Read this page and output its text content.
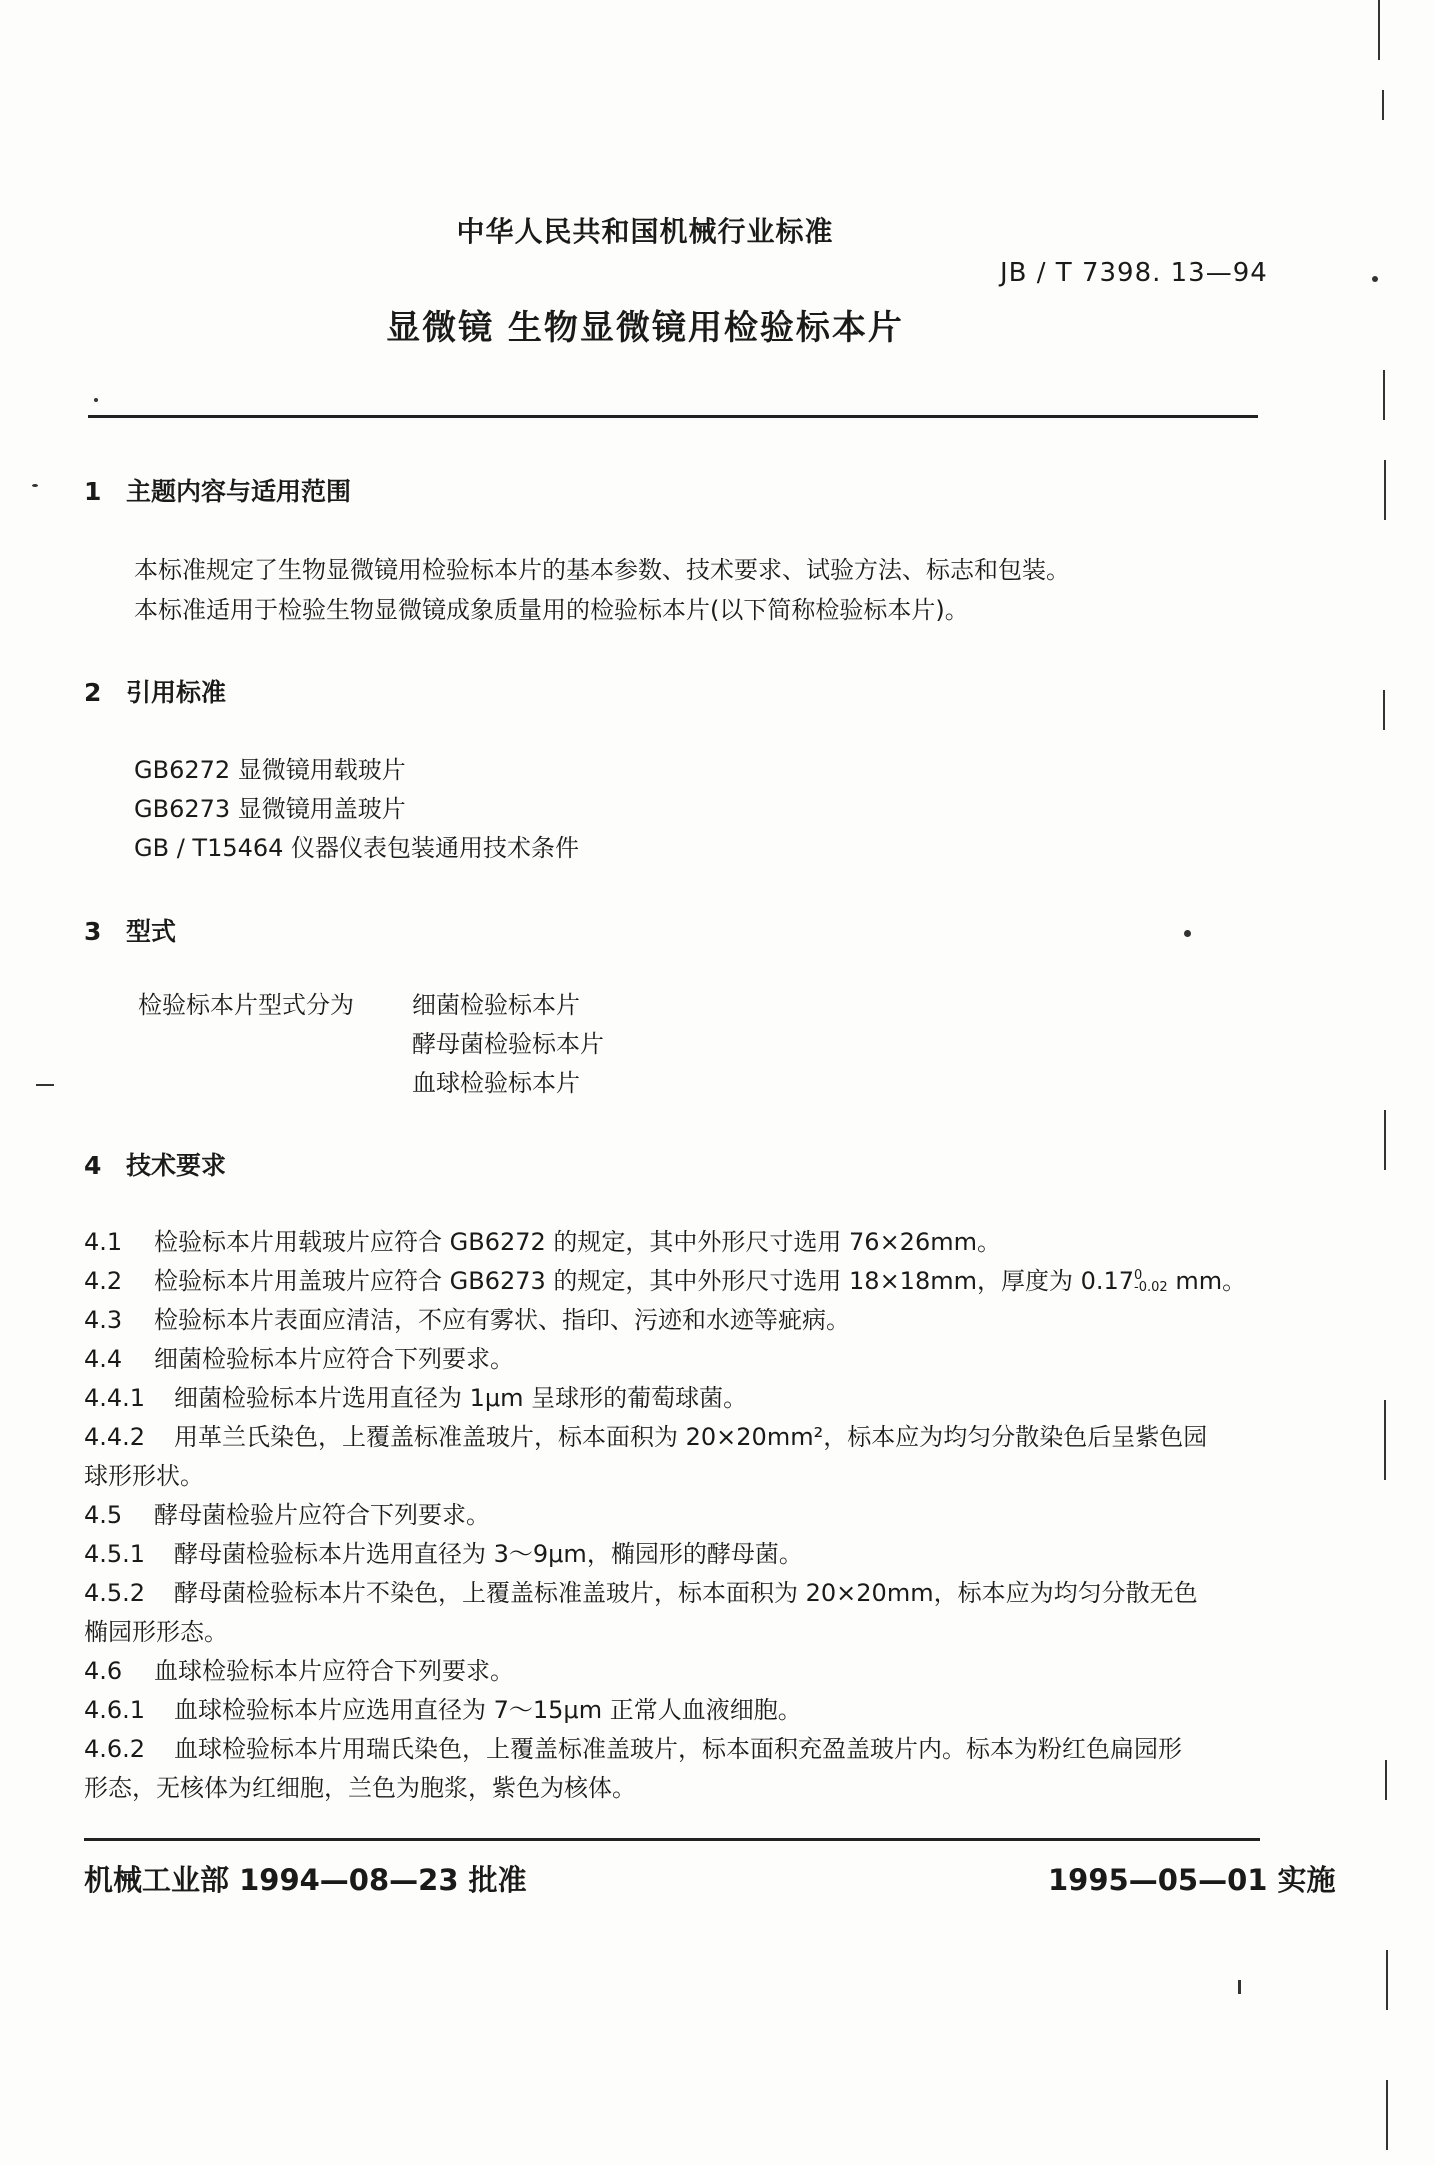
中华人民共和国机械行业标准
JB / T 7398. 13—94
显微镜 生物显微镜用检验标本片
1 主题内容与适用范围
本标准规定了生物显微镜用检验标本片的基本参数、技术要求、试验方法、标志和包装。
本标准适用于检验生物显微镜成象质量用的检验标本片(以下简称检验标本片)。
2 引用标准
GB6272 显微镜用载玻片
GB6273 显微镜用盖玻片
GB / T15464 仪器仪表包装通用技术条件
3 型式
检验标本片型式分为 细菌检验标本片
酵母菌检验标本片
血球检验标本片
4 技术要求
4.1 检验标本片用载玻片应符合 GB6272 的规定，其中外形尺寸选用 76×26mm。
4.2 检验标本片用盖玻片应符合 GB6273 的规定，其中外形尺寸选用 18×18mm，厚度为 0.17 0
-0.02 mm。
4.3 检验标本片表面应清洁，不应有雾状、指印、污迹和水迹等疵病。
4.4 细菌检验标本片应符合下列要求。
4.4.1 细菌检验标本片选用直径为 1μm 呈球形的葡萄球菌。
4.4.2 用革兰氏染色，上覆盖标准盖玻片，标本面积为 20×20mm²，标本应为均匀分散染色后呈紫色园
球形形状。
4.5 酵母菌检验片应符合下列要求。
4.5.1 酵母菌检验标本片选用直径为 3～9μm，椭园形的酵母菌。
4.5.2 酵母菌检验标本片不染色，上覆盖标准盖玻片，标本面积为 20×20mm，标本应为均匀分散无色
椭园形形态。
4.6 血球检验标本片应符合下列要求。
4.6.1 血球检验标本片应选用直径为 7～15μm 正常人血液细胞。
4.6.2 血球检验标本片用瑞氏染色，上覆盖标准盖玻片，标本面积充盈盖玻片内。标本为粉红色扁园形
形态，无核体为红细胞，兰色为胞浆，紫色为核体。
机械工业部 1994—08—23 批准	1995—05—01 实施
